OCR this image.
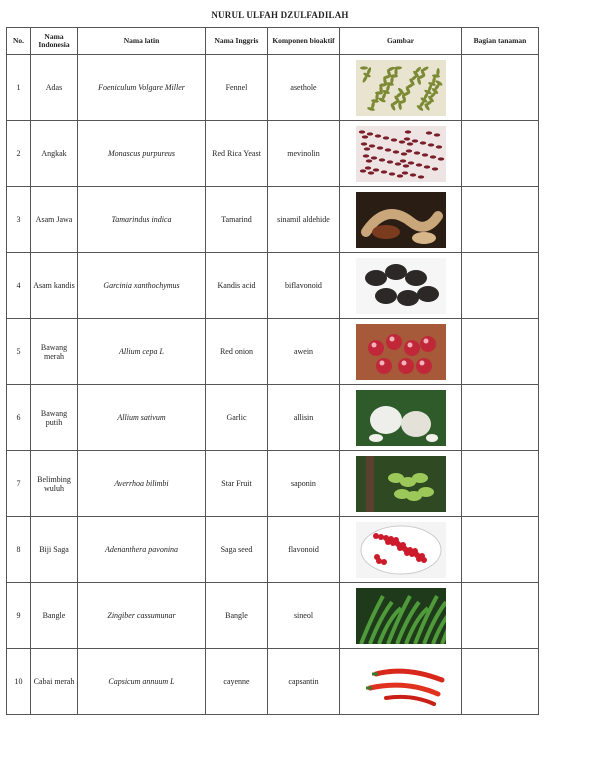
NURUL ULFAH DZULFADILAH
No.	Nama Indonesia	Nama latin	Nama Inggris	Komponen bioaktif	Gambar	Bagian tanaman
1	Adas	Foeniculum Volgare Miller	Fennel	asethole	

2	Angkak	Monascus purpureus	Red Rica Yeast	mevinolin	

3	Asam Jawa	Tamarindus indica	Tamarind	sinamil aldehide	

4	Asam kandis	Garcinia xanthochymus	Kandis acid	biflavonoid	

5	Bawang merah	Allium cepa L	Red onion	awein	

6	Bawang putih	Allium sativum	Garlic	allisin	

7	Belimbing wuluh	Averrhoa bilimbi	Star Fruit	saponin	

8	Biji Saga	Adenanthera pavonina	Saga seed	flavonoid	

9	Bangle	Zingiber cassumunar	Bangle	sineol	

10	Cabai merah	Capsicum annuum L	cayenne	capsantin	
